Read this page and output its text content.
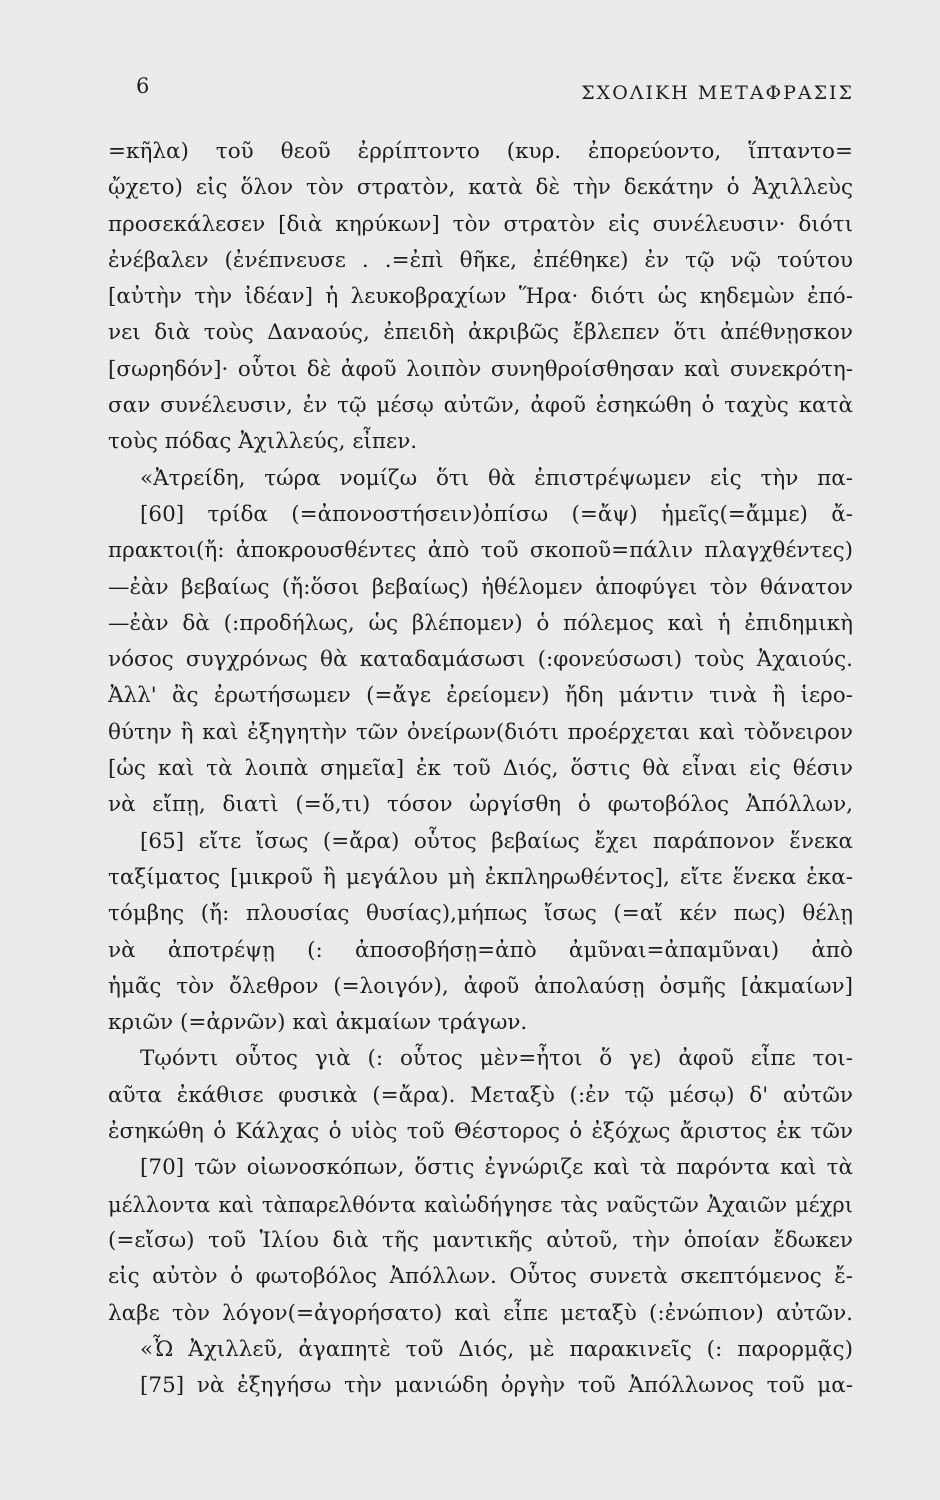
6	ΣΧΟΛΙΚΗ ΜΕΤΑΦΡΑΣΙΣ
=κῆλα) τοῦ θεοῦ ἐρρίπτοντο (κυρ. ἐπορεύοντο, ἵπταντο=
ᾤχετο) εἰς ὅλον τὸν στρατὸν, κατὰ δὲ τὴν δεκάτην ὁ Ἀχιλλεὺς
προσεκάλεσεν [διὰ κηρύκων] τὸν στρατὸν εἰς συνέλευσιν· διότι
ἐνέβαλεν (ἐνέπνευσε . .=ἐπὶ θῆκε, ἐπέθηκε) ἐν τῷ νῷ τούτου
[αὐτὴν τὴν ἰδέαν] ἡ λευκοβραχίων Ἥρα· διότι ὡς κηδεμὼν ἐπό-
νει διὰ τοὺς Δαναούς, ἐπειδὴ ἀκριβῶς ἔβλεπεν ὅτι ἀπέθνῃσκον
[σωρηδόν]· οὗτοι δὲ ἀφοῦ λοιπὸν συνηθροίσθησαν καὶ συνεκρότη-
σαν συνέλευσιν, ἐν τῷ μέσῳ αὐτῶν, ἀφοῦ ἐσηκώθη ὁ ταχὺς κατὰ
τοὺς πόδας Ἀχιλλεύς, εἶπεν.
«Ἀτρείδη, τώρα νομίζω ὅτι θὰ ἐπιστρέψωμεν εἰς τὴν πα-
[60] τρίδα (=ἀπονοστήσειν)ὀπίσω (=ἄψ) ἡμεῖς(=ἄμμε) ἄ-
πρακτοι(ἤ: ἀποκρουσθέντες ἀπὸ τοῦ σκοποῦ=πάλιν πλαγχθέντες)
—ἐὰν βεβαίως (ἤ:ὅσοι βεβαίως) ἠθέλομεν ἀποφύγει τὸν θάνατον
—ἐὰν δὰ (:προδήλως, ὡς βλέπομεν) ὁ πόλεμος καὶ ἡ ἐπιδημικὴ
νόσος συγχρόνως θὰ καταδαμάσωσι (:φονεύσωσι) τοὺς Ἀχαιούς.
Ἀλλ' ἂς ἐρωτήσωμεν (=ἄγε ἐρείομεν) ἤδη μάντιν τινὰ ἢ ἱερο-
θύτην ἢ καὶ ἐξηγητὴν τῶν ὀνείρων(διότι προέρχεται καὶ τὸὄνειρον
[ὡς καὶ τὰ λοιπὰ σημεῖα] ἐκ τοῦ Διός, ὅστις θὰ εἶναι εἰς θέσιν
νὰ εἴπῃ, διατὶ (=ὅ,τι) τόσον ὠργίσθη ὁ φωτοβόλος Ἀπόλλων,
[65] εἴτε ἴσως (=ἄρα) οὗτος βεβαίως ἔχει παράπονον ἕνεκα
ταξίματος [μικροῦ ἢ μεγάλου μὴ ἐκπληρωθέντος], εἴτε ἕνεκα ἑκα-
τόμβης (ἤ: πλουσίας θυσίας),μήπως ἴσως (=αἴ κέν πως) θέλῃ
νὰ ἀποτρέψῃ (: ἀποσοβήσῃ=ἀπὸ ἀμῦναι=ἀπαμῦναι) ἀπὸ
ἡμᾶς τὸν ὄλεθρον (=λοιγόν), ἀφοῦ ἀπολαύσῃ ὀσμῆς [ἀκμαίων]
κριῶν (=ἀρνῶν) καὶ ἀκμαίων τράγων.
Τῳόντι οὗτος γιὰ (: οὗτος μὲν=ἦτοι ὅ γε) ἀφοῦ εἶπε τοι-
αῦτα ἐκάθισε φυσικὰ (=ἄρα). Μεταξὺ (:ἐν τῷ μέσῳ) δ' αὐτῶν
ἐσηκώθη ὁ Κάλχας ὁ υἱὸς τοῦ Θέστορος ὁ ἐξόχως ἄριστος ἐκ τῶν
[70] τῶν οἰωνοσκόπων, ὅστις ἐγνώριζε καὶ τὰ παρόντα καὶ τὰ
μέλλοντα καὶ τὰπαρελθόντα καὶὡδήγησε τὰς ναῦςτῶν Ἀχαιῶν μέχρι
(=εἴσω) τοῦ Ἰλίου διὰ τῆς μαντικῆς αὐτοῦ, τὴν ὁποίαν ἔδωκεν
εἰς αὐτὸν ὁ φωτοβόλος Ἀπόλλων. Οὗτος συνετὰ σκεπτόμενος ἔ-
λαβε τὸν λόγον(=ἀγορήσατο) καὶ εἶπε μεταξὺ (:ἐνώπιον) αὐτῶν.
«Ὦ Ἀχιλλεῦ, ἀγαπητὲ τοῦ Διός, μὲ παρακινεῖς (: παρορμᾷς)
[75] νὰ ἐξηγήσω τὴν μανιώδη ὀργὴν τοῦ Ἀπόλλωνος τοῦ μα-
